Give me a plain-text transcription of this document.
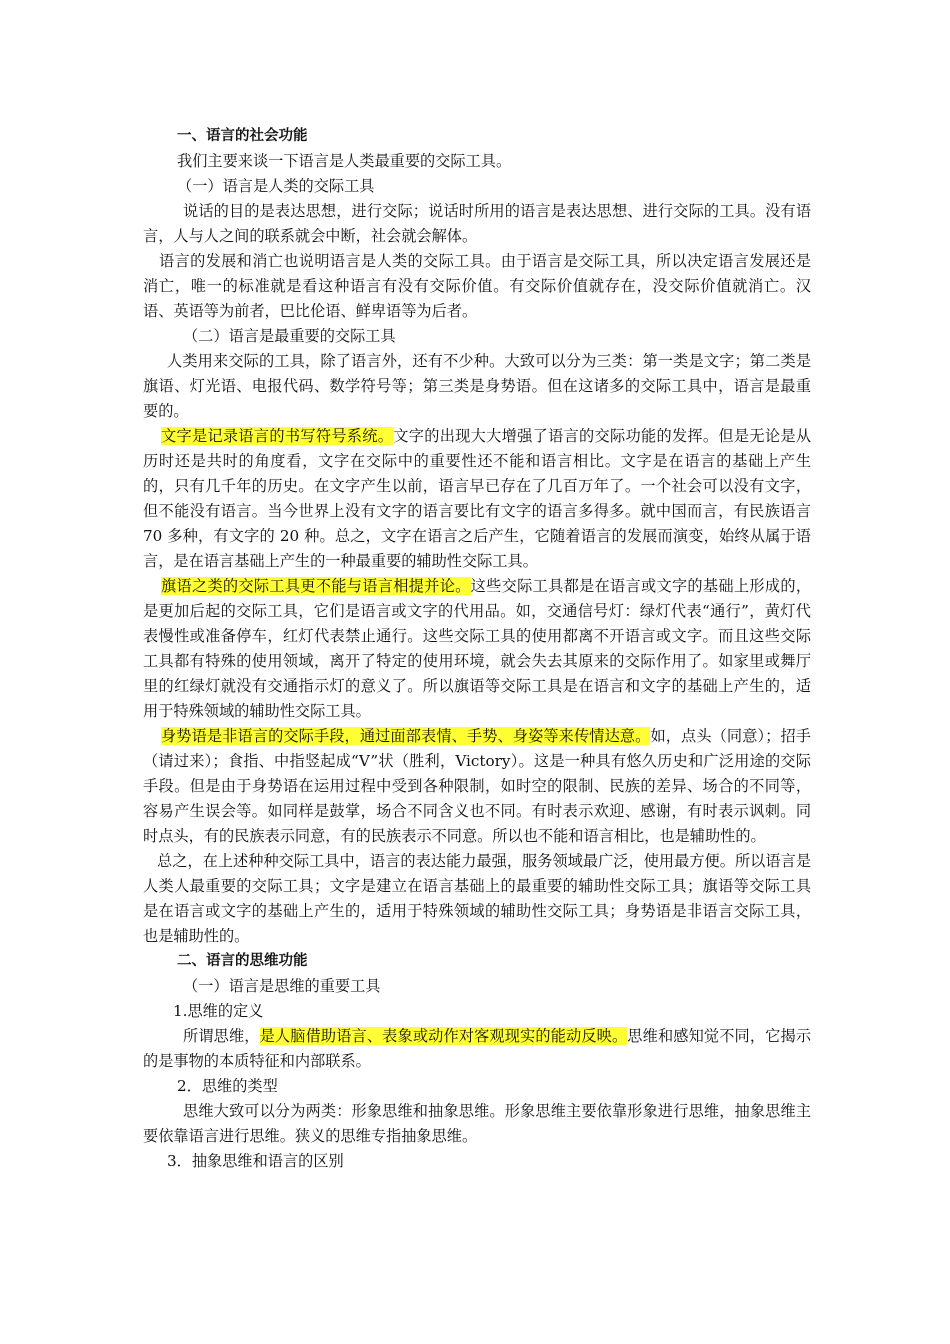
一、语言的社会功能

我们主要来谈一下语言是人类最重要的交际工具。

（一）语言是人类的交际工具

说话的目的是表达思想，进行交际；说话时所用的语言是表达思想、进行交际的工具。没有语言，人与人之间的联系就会中断，社会就会解体。

语言的发展和消亡也说明语言是人类的交际工具。由于语言是交际工具，所以决定语言发展还是消亡，唯一的标准就是看这种语言有没有交际价值。有交际价值就存在，没交际价值就消亡。汉语、英语等为前者，巴比伦语、鲜卑语等为后者。

（二）语言是最重要的交际工具

人类用来交际的工具，除了语言外，还有不少种。大致可以分为三类：第一类是文字；第二类是旗语、灯光语、电报代码、数学符号等；第三类是身势语。但在这诸多的交际工具中，语言是最重要的。

文字是记录语言的书写符号系统。文字的出现大大增强了语言的交际功能的发挥。但是无论是从历时还是共时的角度看，文字在交际中的重要性还不能和语言相比。文字是在语言的基础上产生的，只有几千年的历史。在文字产生以前，语言早已存在了几百万年了。一个社会可以没有文字，但不能没有语言。当今世界上没有文字的语言要比有文字的语言多得多。就中国而言，有民族语言 70 多种，有文字的 20 种。总之，文字在语言之后产生，它随着语言的发展而演变，始终从属于语言，是在语言基础上产生的一种最重要的辅助性交际工具。

旗语之类的交际工具更不能与语言相提并论。这些交际工具都是在语言或文字的基础上形成的，是更加后起的交际工具，它们是语言或文字的代用品。如，交通信号灯：绿灯代表“通行”，黄灯代表慢性或准备停车，红灯代表禁止通行。这些交际工具的使用都离不开语言或文字。而且这些交际工具都有特殊的使用领域，离开了特定的使用环境，就会失去其原来的交际作用了。如家里或舞厅里的红绿灯就没有交通指示灯的意义了。所以旗语等交际工具是在语言和文字的基础上产生的，适用于特殊领域的辅助性交际工具。

身势语是非语言的交际手段，通过面部表情、手势、身姿等来传情达意。如，点头（同意）；招手（请过来）；食指、中指竖起成“V”状（胜利，Victory）。这是一种具有悠久历史和广泛用途的交际手段。但是由于身势语在运用过程中受到各种限制，如时空的限制、民族的差异、场合的不同等，容易产生误会等。如同样是鼓掌，场合不同含义也不同。有时表示欢迎、感谢，有时表示讽刺。同时点头，有的民族表示同意，有的民族表示不同意。所以也不能和语言相比，也是辅助性的。

总之，在上述种种交际工具中，语言的表达能力最强，服务领域最广泛，使用最方便。所以语言是人类人最重要的交际工具；文字是建立在语言基础上的最重要的辅助性交际工具；旗语等交际工具是在语言或文字的基础上产生的，适用于特殊领域的辅助性交际工具；身势语是非语言交际工具，也是辅助性的。

二、语言的思维功能

（一）语言是思维的重要工具

1.思维的定义

所谓思维，是人脑借助语言、表象或动作对客观现实的能动反映。思维和感知觉不同，它揭示的是事物的本质特征和内部联系。

2．思维的类型

思维大致可以分为两类：形象思维和抽象思维。形象思维主要依靠形象进行思维，抽象思维主要依靠语言进行思维。狭义的思维专指抽象思维。

3．抽象思维和语言的区别
